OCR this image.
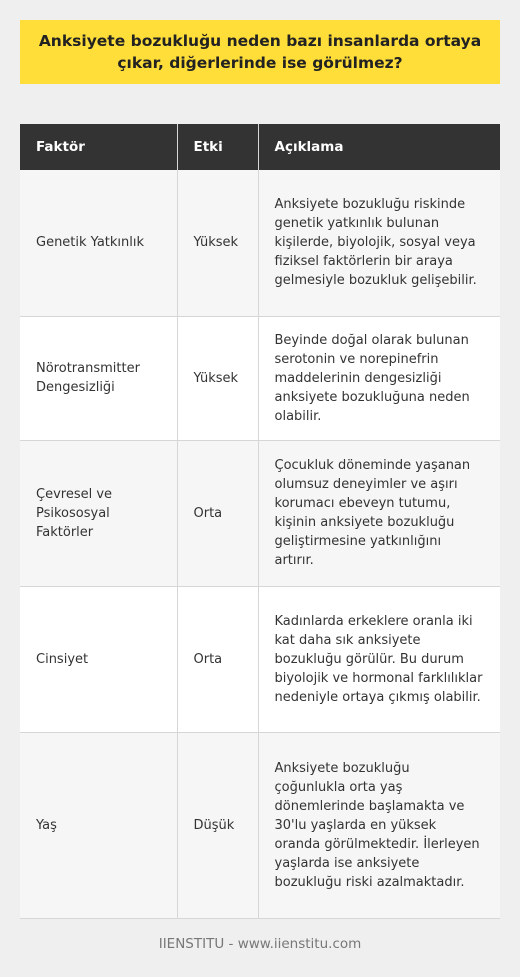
Anksiyete bozukluğu neden bazı insanlarda ortaya çıkar, diğerlerinde ise görülmez?
Faktör	Etki	Açıklama
Genetik Yatkınlık	Yüksek	Anksiyete bozukluğu riskinde genetik yatkınlık bulunan kişilerde, biyolojik, sosyal veya fiziksel faktörlerin bir araya gelmesiyle bozukluk gelişebilir.
Nörotransmitter Dengesizliği	Yüksek	Beyinde doğal olarak bulunan serotonin ve norepinefrin maddelerinin dengesizliği anksiyete bozukluğuna neden olabilir.
Çevresel ve Psikososyal Faktörler	Orta	Çocukluk döneminde yaşanan olumsuz deneyimler ve aşırı korumacı ebeveyn tutumu, kişinin anksiyete bozukluğu geliştirmesine yatkınlığını artırır.
Cinsiyet	Orta	Kadınlarda erkeklere oranla iki kat daha sık anksiyete bozukluğu görülür. Bu durum biyolojik ve hormonal farklılıklar nedeniyle ortaya çıkmış olabilir.
Yaş	Düşük	Anksiyete bozukluğu çoğunlukla orta yaş dönemlerinde başlamakta ve 30'lu yaşlarda en yüksek oranda görülmektedir. İlerleyen yaşlarda ise anksiyete bozukluğu riski azalmaktadır.
IIENSTITU - www.iienstitu.com
